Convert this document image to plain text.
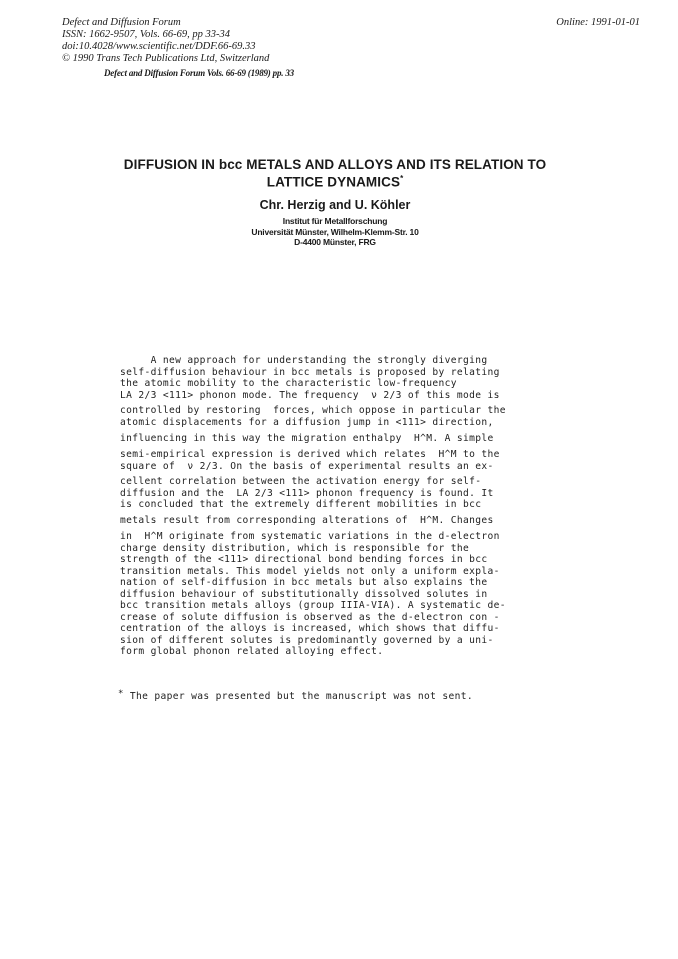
Defect and Diffusion Forum
ISSN: 1662-9507, Vols. 66-69, pp 33-34
doi:10.4028/www.scientific.net/DDF.66-69.33
© 1990 Trans Tech Publications Ltd, Switzerland
Online: 1991-01-01
Defect and Diffusion Forum Vols. 66-69 (1989) pp. 33
DIFFUSION IN bcc METALS AND ALLOYS AND ITS RELATION TO
LATTICE DYNAMICS*
Chr. Herzig and U. Köhler
Institut für Metallforschung
Universität Münster, Wilhelm-Klemm-Str. 10
D-4400 Münster, FRG
A new approach for understanding the strongly diverging
self-diffusion behaviour in bcc metals is proposed by relating
the atomic mobility to the characteristic low-frequency
LA 2/3 <111> phonon mode. The frequency  ν 2/3 of this mode is
controlled by restoring  forces, which oppose in particular the
atomic displacements for a diffusion jump in <111> direction,
influencing in this way the migration enthalpy  H^M. A simple
semi-empirical expression is derived which relates  H^M to the
square of  ν 2/3. On the basis of experimental results an ex-
cellent correlation between the activation energy for self-
diffusion and the  LA 2/3 <111> phonon frequency is found. It
is concluded that the extremely different mobilities in bcc
metals result from corresponding alterations of  H^M. Changes
in  H^M originate from systematic variations in the d-electron
charge density distribution, which is responsible for the
strength of the <111> directional bond bending forces in bcc
transition metals. This model yields not only a uniform expla-
nation of self-diffusion in bcc metals but also explains the
diffusion behaviour of substitutionally dissolved solutes in
bcc transition metals alloys (group IIIA-VIA). A systematic de-
crease of solute diffusion is observed as the d-electron con -
centration of the alloys is increased, which shows that diffu-
sion of different solutes is predominantly governed by a uni-
form global phonon related alloying effect.
* The paper was presented but the manuscript was not sent.
